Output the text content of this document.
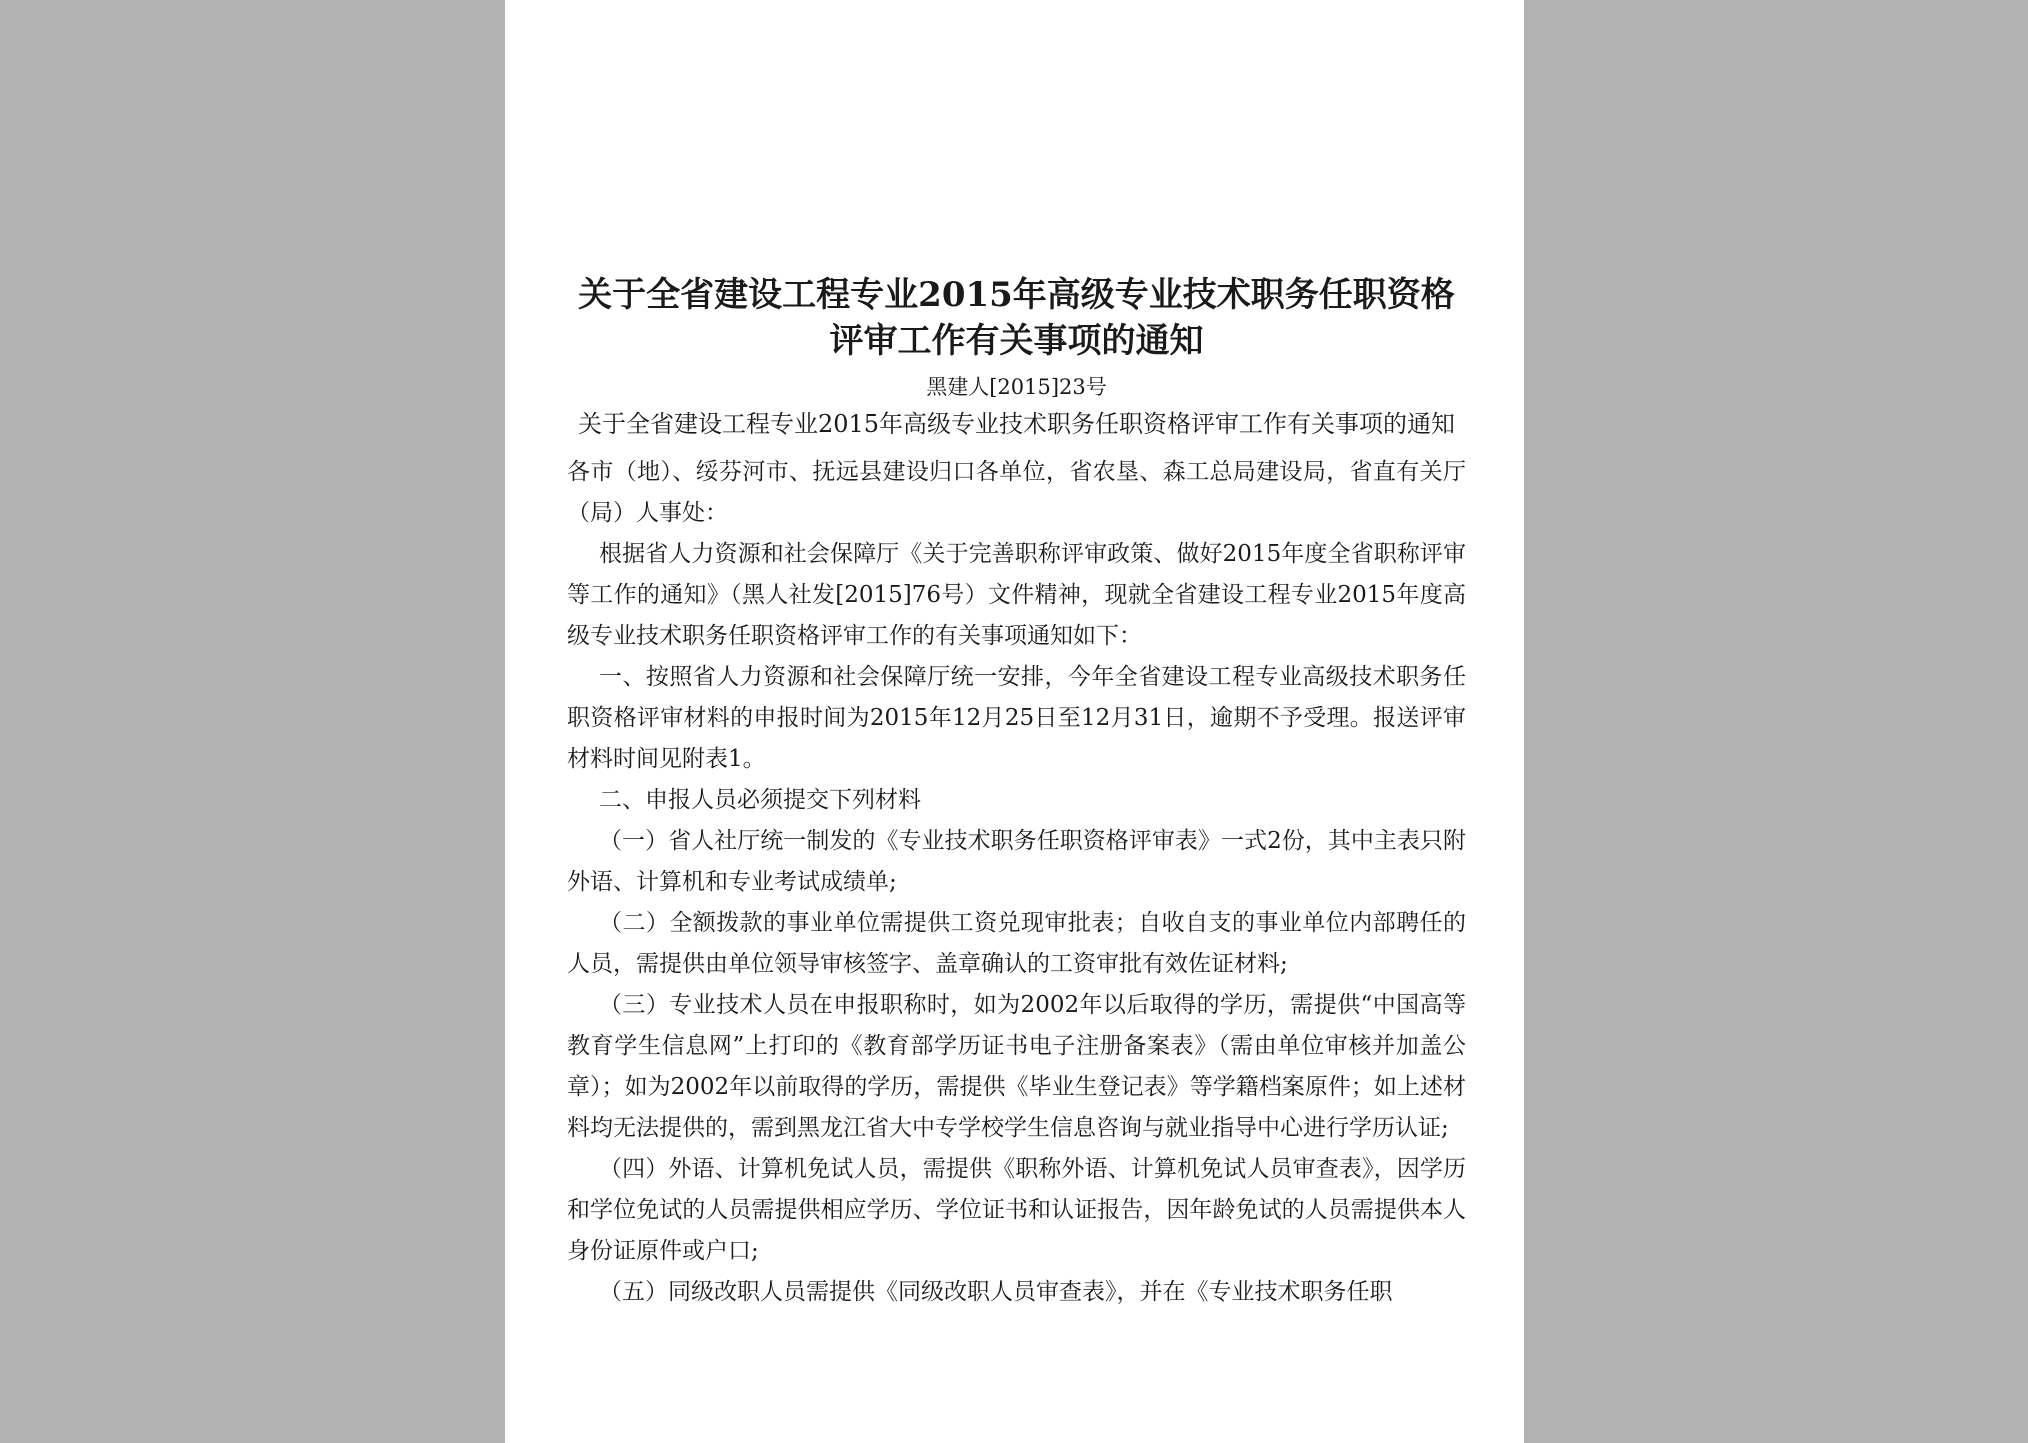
关于全省建设工程专业2015年高级专业技术职务任职资格评审工作有关事项的通知
黑建人[2015]23号
关于全省建设工程专业2015年高级专业技术职务任职资格评审工作有关事项的通知

各市（地）、绥芬河市、抚远县建设归口各单位，省农垦、森工总局建设局，省直有关厅（局）人事处：

根据省人力资源和社会保障厅《关于完善职称评审政策、做好2015年度全省职称评审等工作的通知》（黑人社发[2015]76号）文件精神，现就全省建设工程专业2015年度高级专业技术职务任职资格评审工作的有关事项通知如下：

一、按照省人力资源和社会保障厅统一安排，今年全省建设工程专业高级技术职务任职资格评审材料的申报时间为2015年12月25日至12月31日，逾期不予受理。报送评审材料时间见附表1。

二、申报人员必须提交下列材料

（一）省人社厅统一制发的《专业技术职务任职资格评审表》一式2份，其中主表只附外语、计算机和专业考试成绩单;

（二）全额拨款的事业单位需提供工资兑现审批表；自收自支的事业单位内部聘任的人员，需提供由单位领导审核签字、盖章确认的工资审批有效佐证材料;

（三）专业技术人员在申报职称时，如为2002年以后取得的学历，需提供“中国高等教育学生信息网”上打印的《教育部学历证书电子注册备案表》（需由单位审核并加盖公章）；如为2002年以前取得的学历，需提供《毕业生登记表》等学籍档案原件；如上述材料均无法提供的，需到黑龙江省大中专学校学生信息咨询与就业指导中心进行学历认证;

（四）外语、计算机免试人员，需提供《职称外语、计算机免试人员审查表》，因学历和学位免试的人员需提供相应学历、学位证书和认证报告，因年龄免试的人员需提供本人身份证原件或户口;

（五）同级改职人员需提供《同级改职人员审查表》，并在《专业技术职务任职
